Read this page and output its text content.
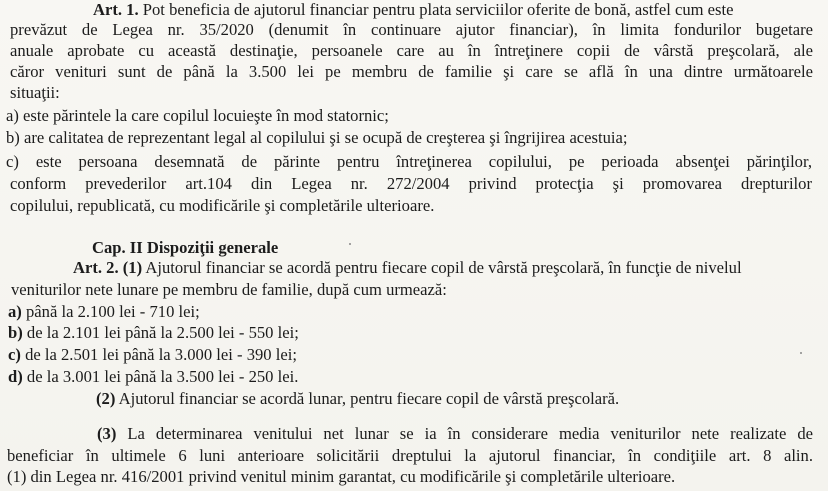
Art. 1. Pot beneficia de ajutorul financiar pentru plata serviciilor oferite de bonă, astfel cum este
prevăzut de Legea nr. 35/2020 (denumit în continuare ajutor financiar), în limita fondurilor bugetare
anuale aprobate cu această destinaţie, persoanele care au în întreţinere copii de vârstă preşcolară, ale
căror venituri sunt de până la 3.500 lei pe membru de familie şi care se află în una dintre următoarele
situaţii:
a) este părintele la care copilul locuieşte în mod statornic;
b) are calitatea de reprezentant legal al copilului şi se ocupă de creşterea şi îngrijirea acestuia;
c) este persoana desemnată de părinte pentru întreţinerea copilului, pe perioada absenţei părinţilor,
conform prevederilor art.104 din Legea nr. 272/2004 privind protecţia şi promovarea drepturilor
copilului, republicată, cu modificările şi completările ulterioare.
Cap. II Dispoziţii generale
Art. 2. (1) Ajutorul financiar se acordă pentru fiecare copil de vârstă preşcolară, în funcţie de nivelul
veniturilor nete lunare pe membru de familie, după cum urmează:
a) până la 2.100 lei - 710 lei;
b) de la 2.101 lei până la 2.500 lei - 550 lei;
c) de la 2.501 lei până la 3.000 lei - 390 lei;
d) de la 3.001 lei până la 3.500 lei - 250 lei.
(2) Ajutorul financiar se acordă lunar, pentru fiecare copil de vârstă preşcolară.
(3) La determinarea venitului net lunar se ia în considerare media veniturilor nete realizate de
beneficiar în ultimele 6 luni anterioare solicitării dreptului la ajutorul financiar, în condiţiile art. 8 alin.
(1) din Legea nr. 416/2001 privind venitul minim garantat, cu modificările şi completările ulterioare.
